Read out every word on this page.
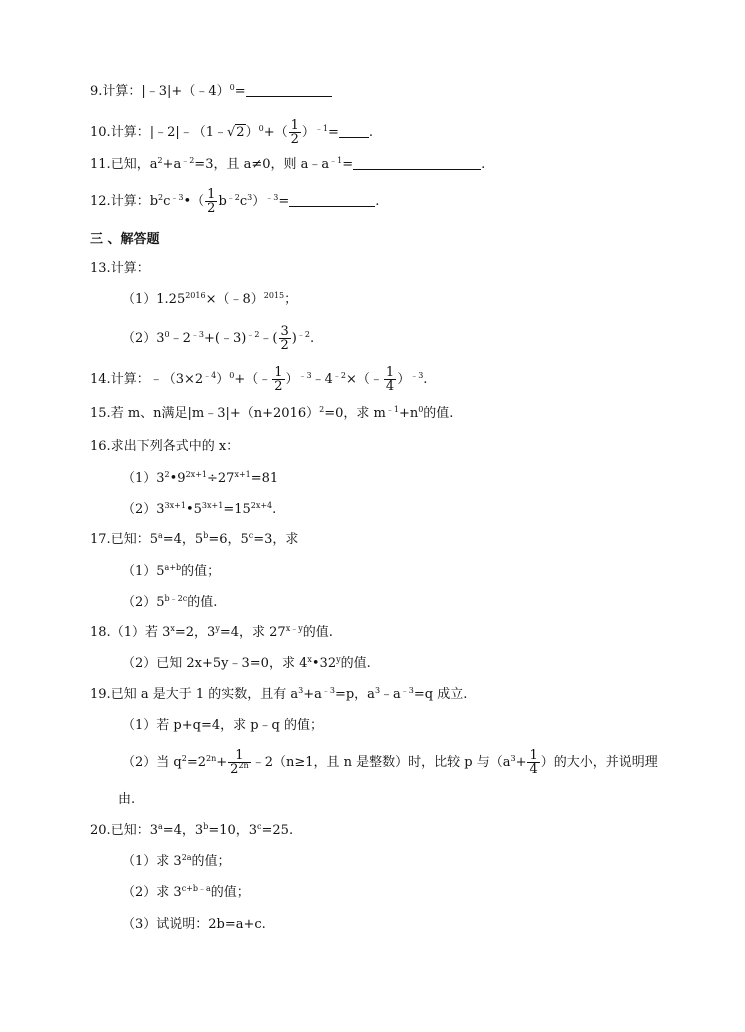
9.计算：|﹣3|+（﹣4）$^0$=
10.计算：|﹣2|﹣（1﹣√2）$^0$+（ $\frac{1}{2} )^{﹣1}=$ .
11.已知，$a^2+a^{﹣2}=3$，且 a≠0，则 $a﹣a^{﹣1}=$	.
12.计算：$b^2c^{﹣3}•( \frac{1}{2} b^{﹣2}c^3)^{﹣3}=$	.
三 、解答题
13.计算：
$(1)1.25^{2016}\times(﹣8)^{2015}$；
$(2)3^0﹣2^{﹣3}+(﹣3)^{﹣2}﹣( \frac{3}{2} )^{﹣2}$.
14.计算：$﹣(3\times 2^{﹣4})^0+(﹣ \frac{1}{2}$ ）$^{﹣3}﹣4^{﹣2}\times(﹣ \frac{1}{4} )^{﹣3}$.
15.若 m、n满足$|m﹣3|+(n+2016)^2=0$，求 $m^{﹣1}+n^0$的值.
16.求出下列各式中的 x：
$(1)3^2•9^{2x+1}\div 27^{x+1}=81$
$(2)3^{3x+1}•5^{3x+1}=15^{2x+4}$.
17.已知：$5^a=4$，$5^b=6$，$5^c=3$，求
$(1)5^{a+b}$的值；
$(2)5^{b﹣2c}$的值.
18.（1）若 $3^x=2$，$3^y=4$，求 $27^{x﹣y}$的值.
（2）已知 2x+5y﹣3=0，求 4$^x$•32$^y$的值.
19.已知 a 是大于 1 的实数，且有 $a^3+a^{﹣3}=p$，$a^3﹣a^{﹣3}=q$ 成立.
（1）若 p+q=4，求 p﹣q 的值；
（2）当 $q^2=2^{2n}+ \frac{1}{2^{2n}}$ ﹣2（n≥1，且 n 是整数）时，比较 p 与（$a^3+ \frac{1}{4}$ ）的大小，并说明理
由.
20.已知：$3^a=4$，$3^b=10$，$3^c=25$.
（1）求 $3^{2a}$的值；
（2）求 $3^{c+b﹣a}$的值；
（3）试说明：2b=a+c.
